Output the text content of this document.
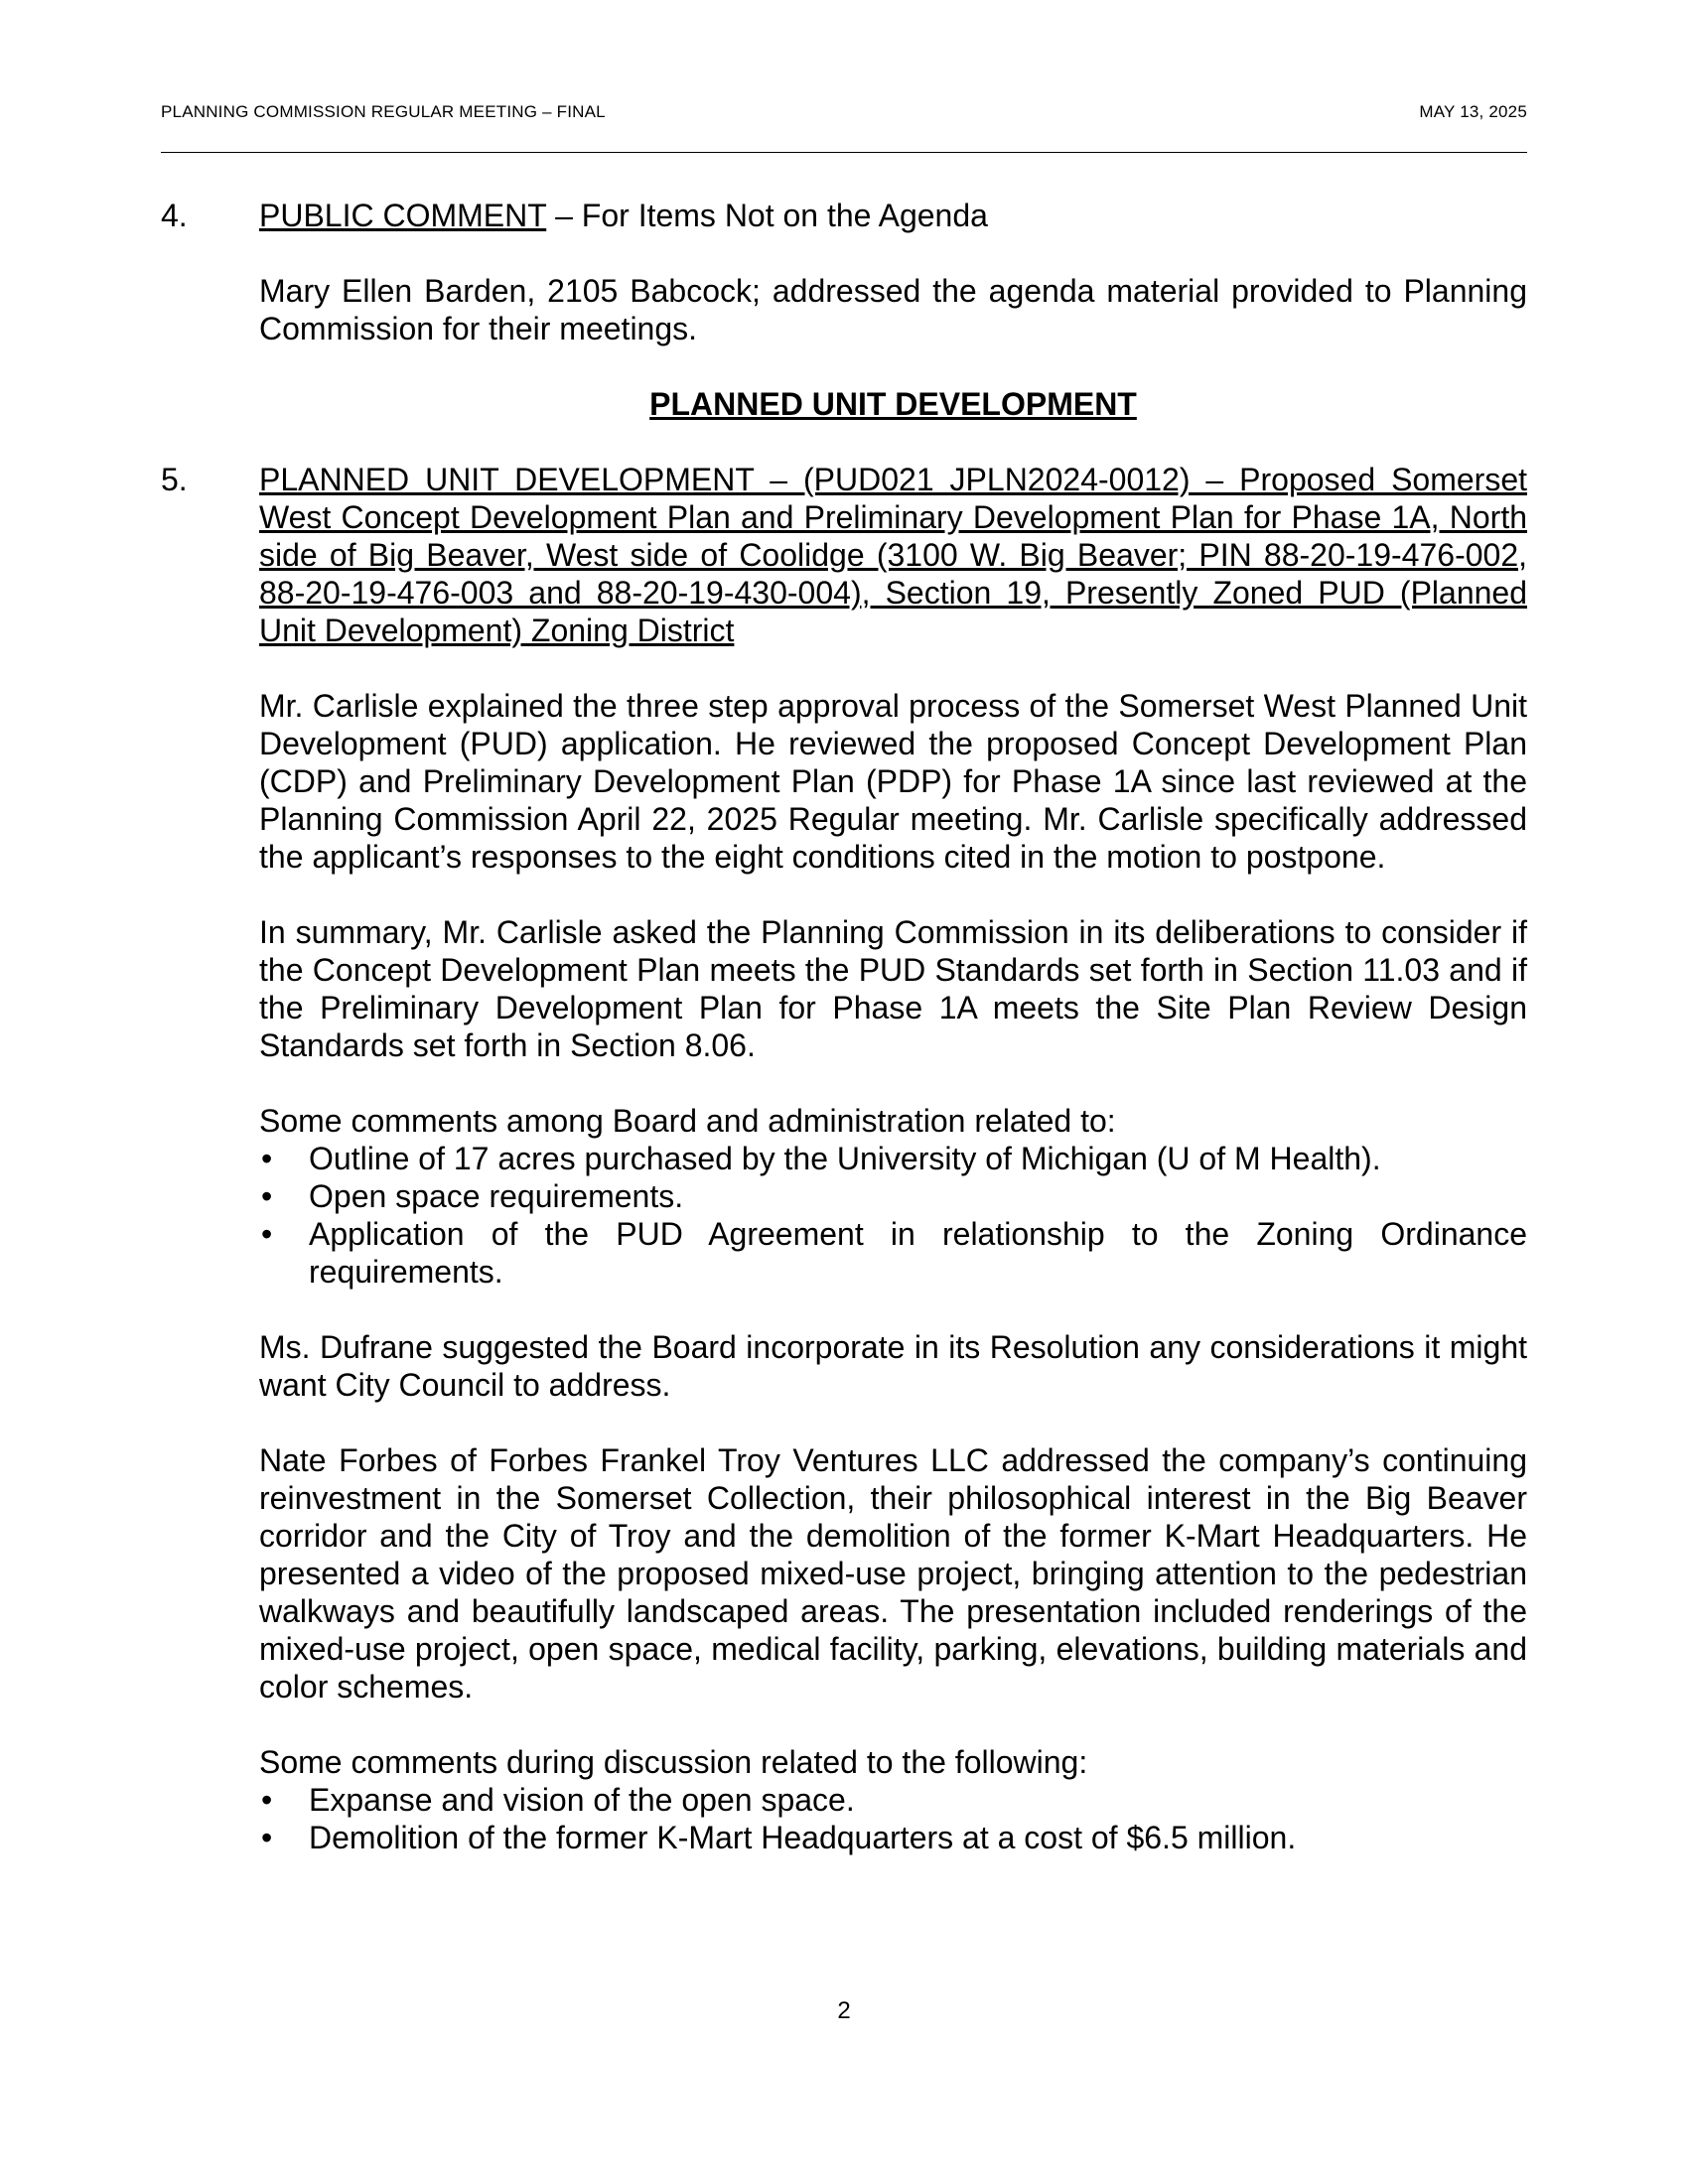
PLANNING COMMISSION REGULAR MEETING – FINAL	MAY 13, 2025
4.	PUBLIC COMMENT – For Items Not on the Agenda
Mary Ellen Barden, 2105 Babcock; addressed the agenda material provided to Planning Commission for their meetings.
PLANNED UNIT DEVELOPMENT
5.	PLANNED UNIT DEVELOPMENT – (PUD021 JPLN2024-0012) – Proposed Somerset West Concept Development Plan and Preliminary Development Plan for Phase 1A, North side of Big Beaver, West side of Coolidge (3100 W. Big Beaver; PIN 88-20-19-476-002, 88-20-19-476-003 and 88-20-19-430-004), Section 19, Presently Zoned PUD (Planned Unit Development) Zoning District
Mr. Carlisle explained the three step approval process of the Somerset West Planned Unit Development (PUD) application. He reviewed the proposed Concept Development Plan (CDP) and Preliminary Development Plan (PDP) for Phase 1A since last reviewed at the Planning Commission April 22, 2025 Regular meeting. Mr. Carlisle specifically addressed the applicant’s responses to the eight conditions cited in the motion to postpone.
In summary, Mr. Carlisle asked the Planning Commission in its deliberations to consider if the Concept Development Plan meets the PUD Standards set forth in Section 11.03 and if the Preliminary Development Plan for Phase 1A meets the Site Plan Review Design Standards set forth in Section 8.06.
Some comments among Board and administration related to:
• Outline of 17 acres purchased by the University of Michigan (U of M Health).
• Open space requirements.
• Application of the PUD Agreement in relationship to the Zoning Ordinance requirements.
Ms. Dufrane suggested the Board incorporate in its Resolution any considerations it might want City Council to address.
Nate Forbes of Forbes Frankel Troy Ventures LLC addressed the company’s continuing reinvestment in the Somerset Collection, their philosophical interest in the Big Beaver corridor and the City of Troy and the demolition of the former K-Mart Headquarters. He presented a video of the proposed mixed-use project, bringing attention to the pedestrian walkways and beautifully landscaped areas. The presentation included renderings of the mixed-use project, open space, medical facility, parking, elevations, building materials and color schemes.
Some comments during discussion related to the following:
• Expanse and vision of the open space.
• Demolition of the former K-Mart Headquarters at a cost of $6.5 million.
2
